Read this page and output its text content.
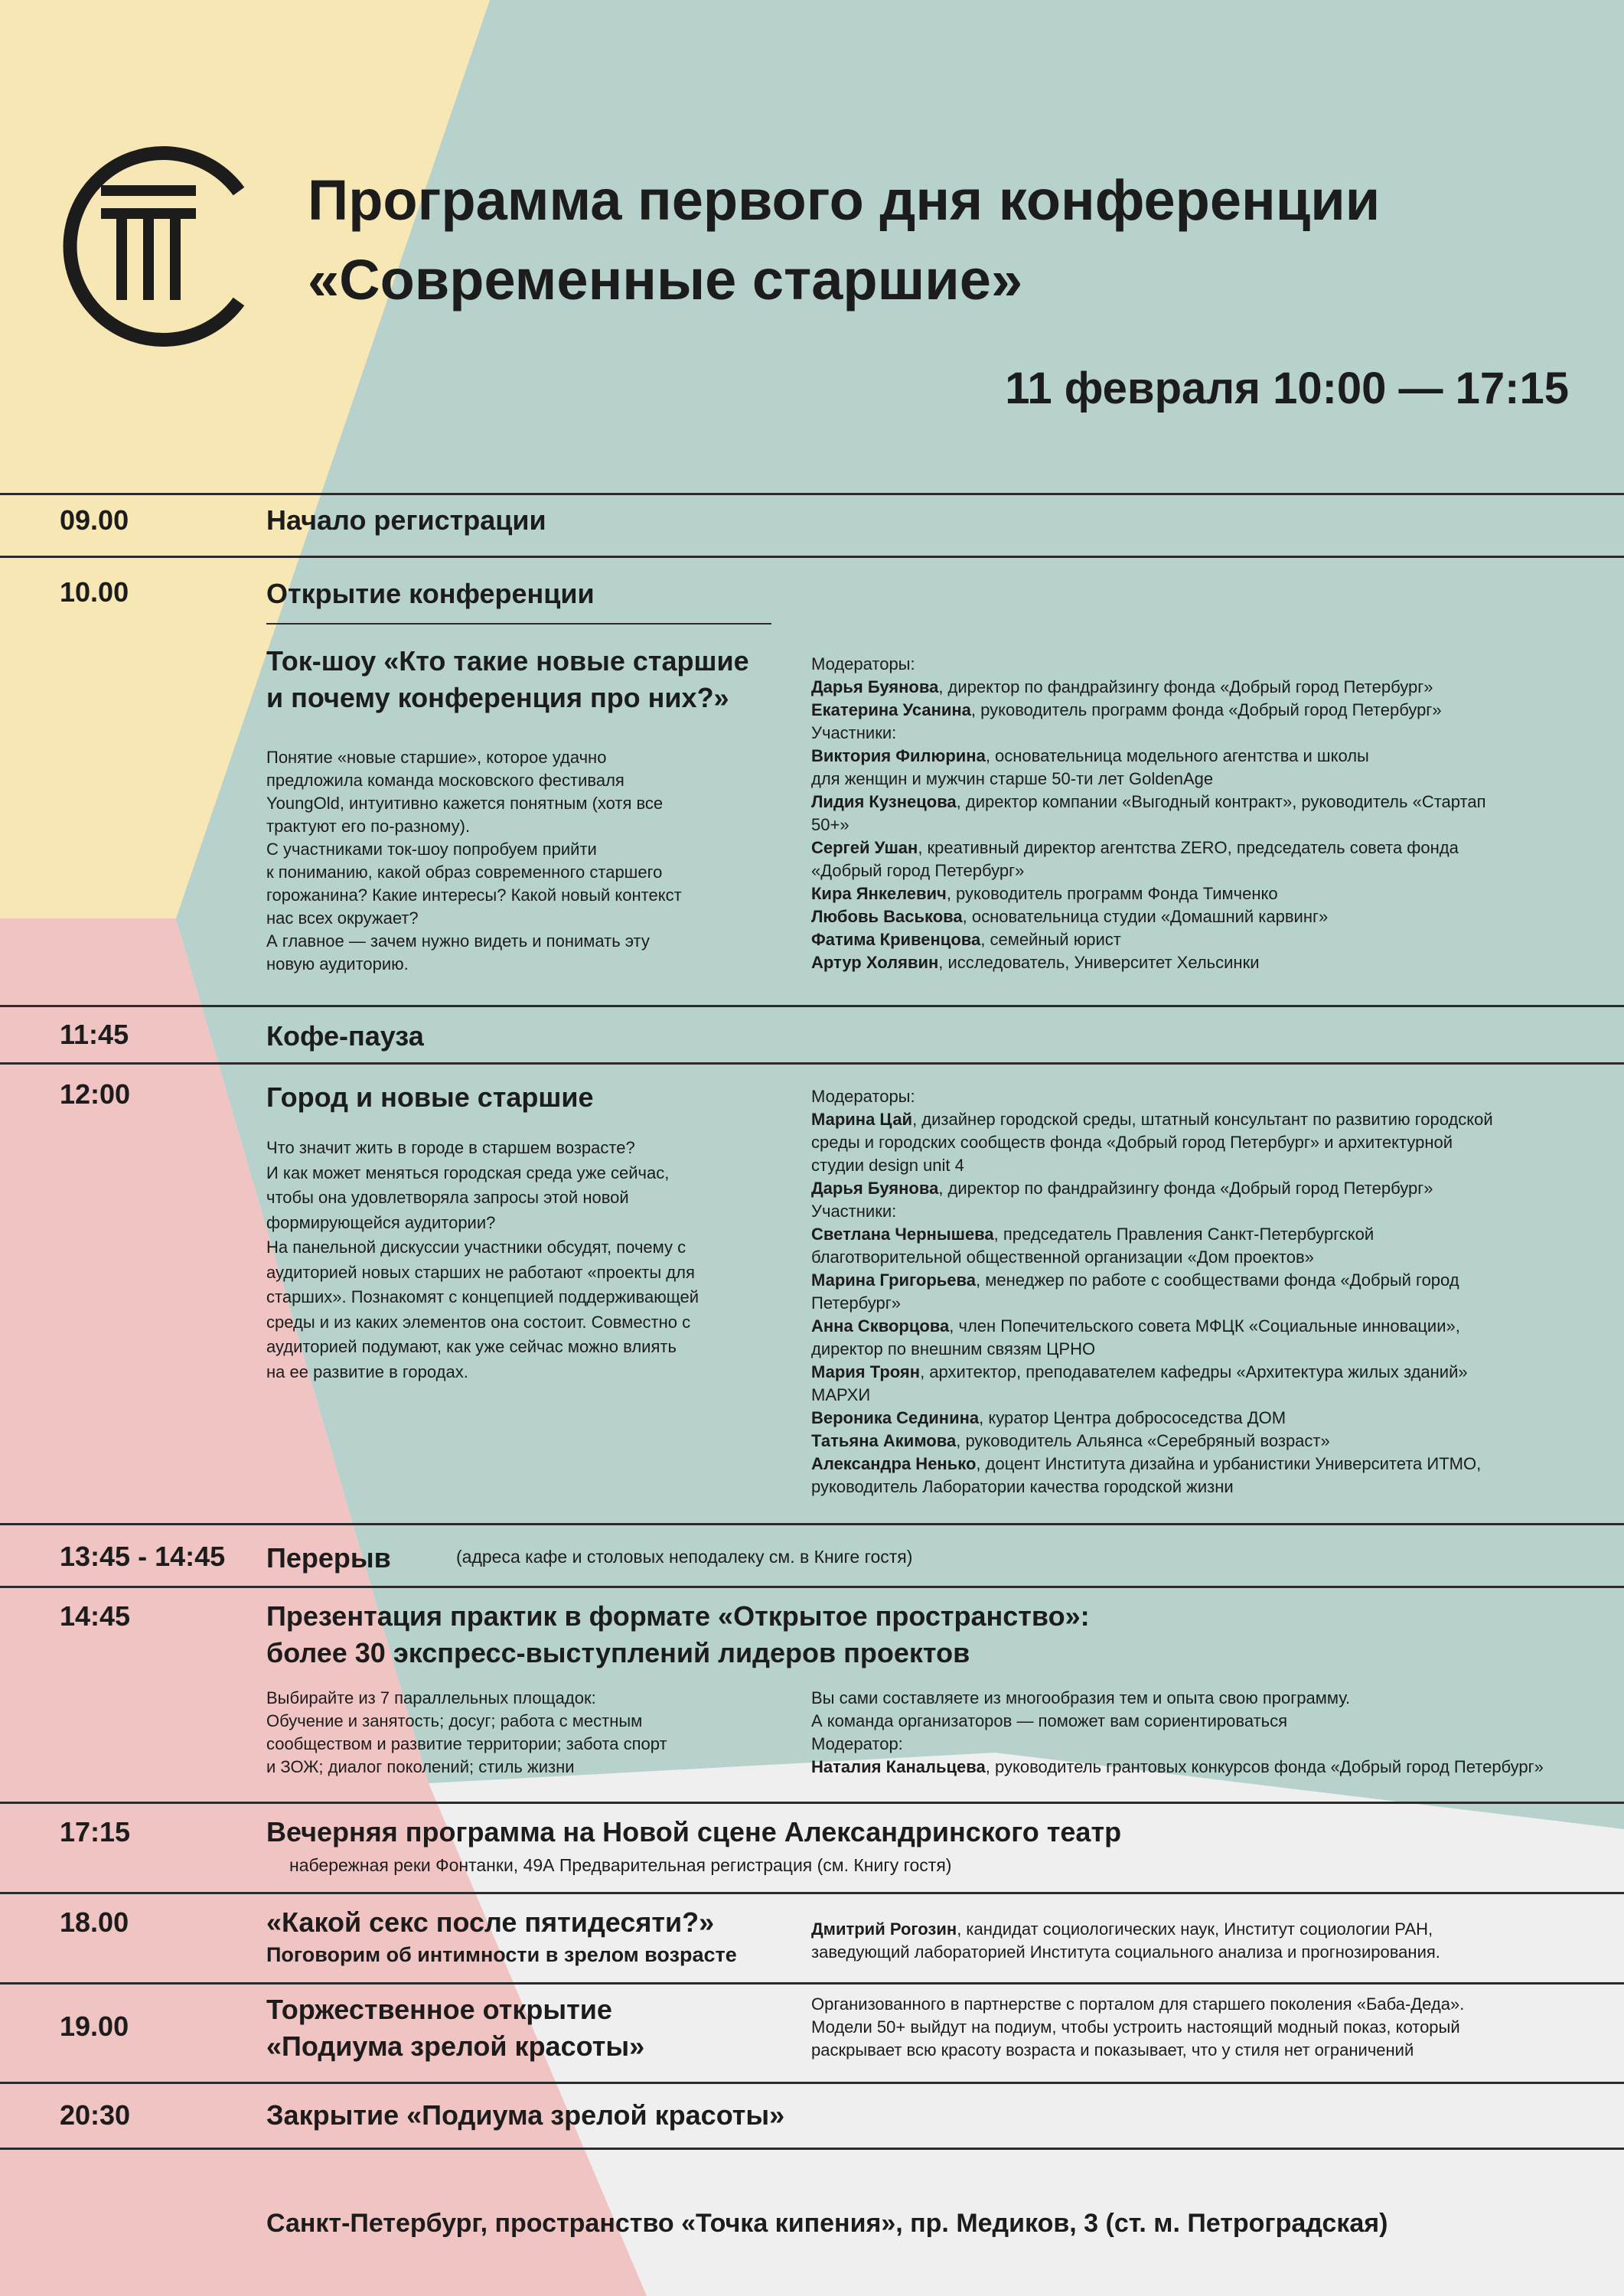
Программа первого дня конференции
«Современные старшие»
11 февраля 10:00 — 17:15
09.00	Начало регистрации
10.00	Открытие конференции
Ток-шоу «Кто такие новые старшие
и почему конференция про них?»

Понятие «новые старшие», которое удачно

предложила команда московского фестиваля

YoungOld, интуитивно кажется понятным (хотя все

трактуют его по-разному).

С участниками ток-шоу попробуем прийти

к пониманию, какой образ современного старшего

горожанина? Какие интересы? Какой новый контекст

нас всех окружает?

А главное — зачем нужно видеть и понимать эту

новую аудиторию.

Модераторы:

Дарья Буянова, директор по фандрайзингу фонда «Добрый город Петербург»

Екатерина Усанина, руководитель программ фонда «Добрый город Петербург»

Участники:

Виктория Филюрина, основательница модельного агентства и школы

для женщин и мужчин старше 50-ти лет GoldenAge

Лидия Кузнецова, директор компании «Выгодный контракт», руководитель «Стартап

50+»

Сергей Ушан, креативный директор агентства ZERO, председатель совета фонда

«Добрый город Петербург»

Кира Янкелевич, руководитель программ Фонда Тимченко

Любовь Васькова, основательница студии «Домашний карвинг»

Фатима Кривенцова, семейный юрист

Артур Холявин, исследователь, Университет Хельсинки

11:45	Кофе-пауза
12:00	Город и новые старшие

Что значит жить в городе в старшем возрасте?

И как может меняться городская среда уже сейчас,

чтобы она удовлетворяла запросы этой новой

формирующейся аудитории?

На панельной дискуссии участники обсудят, почему с

аудиторией новых старших не работают «проекты для

старших». Познакомят с концепцией поддерживающей

среды и из каких элементов она состоит. Совместно с

аудиторией подумают, как уже сейчас можно влиять

на ее развитие в городах.

Модераторы:

Марина Цай, дизайнер городской среды, штатный консультант по развитию городской

среды и городских сообществ фонда «Добрый город Петербург» и архитектурной

студии design unit 4

Дарья Буянова, директор по фандрайзингу фонда «Добрый город Петербург»

Участники:

Светлана Чернышева, председатель Правления Санкт-Петербургской

благотворительной общественной организации «Дом проектов»

Марина Григорьева, менеджер по работе с сообществами фонда «Добрый город

Петербург»

Анна Скворцова, член Попечительского совета МФЦК «Социальные инновации»,

директор по внешним связям ЦРНО

Мария Троян, архитектор, преподавателем кафедры «Архитектура жилых зданий»

МАРХИ

Вероника Сединина, куратор Центра добрососедства ДОМ

Татьяна Акимова, руководитель Альянса «Серебряный возраст»

Александра Ненько, доцент Института дизайна и урбанистики Университета ИТМО,

руководитель Лаборатории качества городской жизни

13:45 - 14:45 Перерыв	(адреса кафе и столовых неподалеку см. в Книге гостя)
14:45	Презентация практик в формате «Открытое пространство»:
более 30 экспресс-выступлений лидеров проектов

Выбирайте из 7 параллельных площадок:

Обучение и занятость; досуг; работа с местным

сообществом и развитие территории; забота спорт

и ЗОЖ; диалог поколений; стиль жизни

Вы сами составляете из многообразия тем и опыта свою программу.

А команда организаторов — поможет вам сориентироваться

Модератор:

Наталия Канальцева, руководитель грантовых конкурсов фонда «Добрый город Петербург»

17:15	Вечерняя программа на Новой сцене Александринского театр
набережная реки Фонтанки, 49А Предварительная регистрация (см. Книгу гостя)
18.00	«Какой секс после пятидесяти?»
Поговорим об интимности в зрелом возрасте

Дмитрий Рогозин, кандидат социологических наук, Институт социологии РАН,

заведующий лабораторией Института социального анализа и прогнозирования.

19.00
Торжественное открытие
«Подиума зрелой красоты»

Организованного в партнерстве с порталом для старшего поколения «Баба-Деда».

Модели 50+ выйдут на подиум, чтобы устроить настоящий модный показ, который

раскрывает всю красоту возраста и показывает, что у стиля нет ограничений

20:30	Закрытие «Подиума зрелой красоты»
Санкт-Петербург, пространство «Точка кипения», пр. Медиков, 3 (ст. м. Петроградская)
